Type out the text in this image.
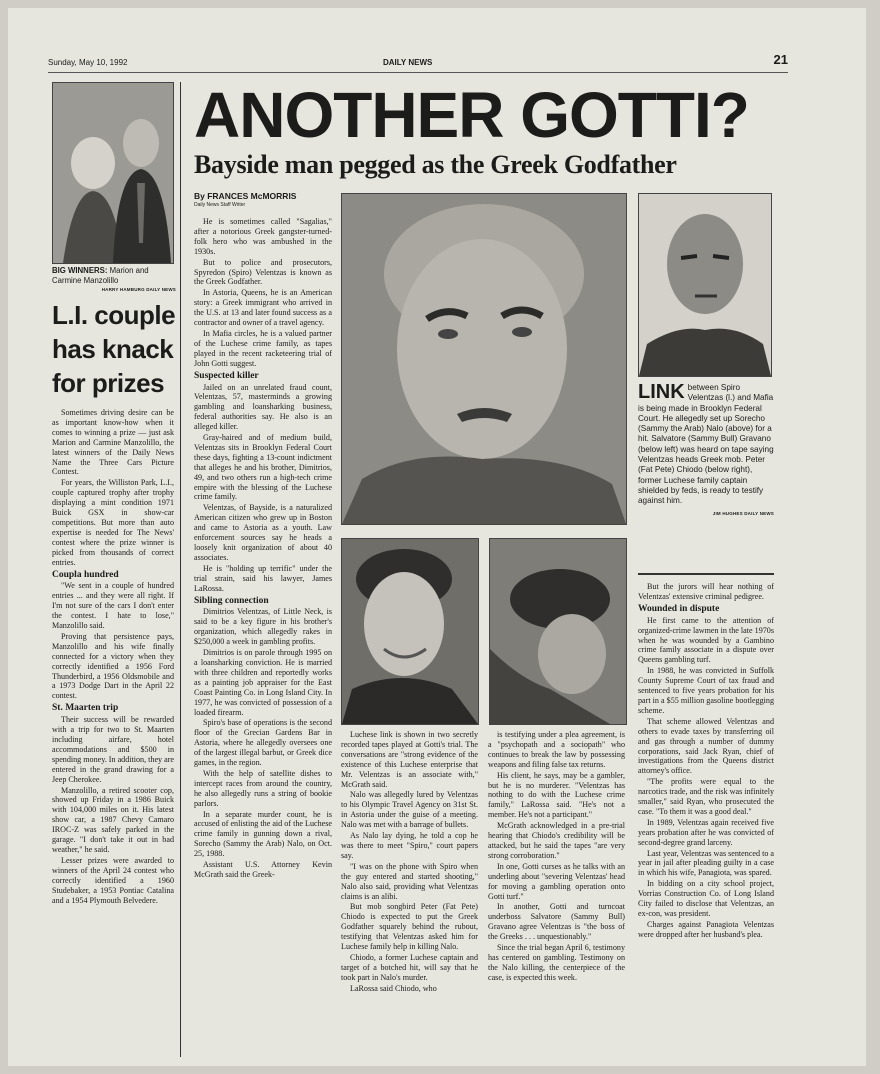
Sunday, May 10, 1992	DAILY NEWS	21
BIG WINNERS: Marion and Carmine Manzolillo

HARRY HAMBURG DAILY NEWS
L.I. couple has knack for prizes

Sometimes driving desire can be as important know-how when it comes to winning a prize — just ask Marion and Carmine Manzolillo, the latest winners of the Daily News Name the Three Cars Picture Contest.

For years, the Williston Park, L.I., couple captured trophy after trophy displaying a mint condition 1971 Buick GSX in show-car competitions. But more than auto expertise is needed for The News' contest where the prize winner is picked from thousands of correct entries.

Coupla hundred

"We sent in a couple of hundred entries ... and they were all right. If I'm not sure of the cars I don't enter the contest. I hate to lose," Manzolillo said.

Proving that persistence pays, Manzolillo and his wife finally connected for a victory when they correctly identified a 1956 Ford Thunderbird, a 1956 Oldsmobile and a 1973 Dodge Dart in the April 22 contest.

St. Maarten trip

Their success will be rewarded with a trip for two to St. Maarten including airfare, hotel accommodations and $500 in spending money. In addition, they are entered in the grand drawing for a Jeep Cherokee.

Manzolillo, a retired scooter cop, showed up Friday in a 1986 Buick with 104,000 miles on it. His latest show car, a 1987 Chevy Camaro IROC-Z was safely parked in the garage. "I don't take it out in bad weather," he said.

Lesser prizes were awarded to winners of the April 24 contest who correctly identified a 1960 Studebaker, a 1953 Pontiac Catalina and a 1954 Plymouth Belvedere.

ANOTHER GOTTI?
Bayside man pegged as the Greek Godfather
By FRANCES McMORRIS
Daily News Staff Writer

He is sometimes called "Sagalias," after a notorious Greek gangster-turned-folk hero who was ambushed in the 1930s.

But to police and prosecutors, Spyredon (Spiro) Velentzas is known as the Greek Godfather.

In Astoria, Queens, he is an American story: a Greek immigrant who arrived in the U.S. at 13 and later found success as a contractor and owner of a travel agency.

In Mafia circles, he is a valued partner of the Luchese crime family, as tapes played in the recent racketeering trial of John Gotti suggest.

Suspected killer

Jailed on an unrelated fraud count, Velentzas, 57, masterminds a growing gambling and loansharking business, federal authorities say. He also is an alleged killer.

Gray-haired and of medium build, Velentzas sits in Brooklyn Federal Court these days, fighting a 13-count indictment that alleges he and his brother, Dimitrios, 49, and two others run a high-tech crime empire with the blessing of the Luchese crime family.

Velentzas, of Bayside, is a naturalized American citizen who grew up in Boston and came to Astoria as a youth. Law enforcement sources say he heads a loosely knit organization of about 40 associates.

He is "holding up terrific" under the trial strain, said his lawyer, James LaRossa.

Sibling connection

Dimitrios Velentzas, of Little Neck, is said to be a key figure in his brother's organization, which allegedly rakes in $250,000 a week in gambling profits.

Dimitrios is on parole through 1995 on a loansharking conviction. He is married with three children and reportedly works as a painting job appraiser for the East Coast Painting Co. in Long Island City. In 1977, he was convicted of possession of a loaded firearm.

Spiro's base of operations is the second floor of the Grecian Gardens Bar in Astoria, where he allegedly oversees one of the largest illegal barbut, or Greek dice games, in the region.

With the help of satellite dishes to intercept races from around the country, he also allegedly runs a string of bookie parlors.

In a separate murder count, he is accused of enlisting the aid of the Luchese crime family in gunning down a rival, Sorecho (Sammy the Arab) Nalo, on Oct. 25, 1988.

Assistant U.S. Attorney Kevin McGrath said the Greek-

LINK between Spiro Velentzas (l.) and Mafia is being made in Brooklyn Federal Court. He allegedly set up Sorecho (Sammy the Arab) Nalo (above) for a hit. Salvatore (Sammy Bull) Gravano (below left) was heard on tape saying Velentzas heads Greek mob. Peter (Fat Pete) Chiodo (below right), former Luchese family captain shielded by feds, is ready to testify against him.
JIM HUGHES DAILY NEWS

Luchese link is shown in two secretly recorded tapes played at Gotti's trial. The conversations are "strong evidence of the existence of this Luchese enterprise that Mr. Velentzas is an associate with," McGrath said.

Nalo was allegedly lured by Velentzas to his Olympic Travel Agency on 31st St. in Astoria under the guise of a meeting. Nalo was met with a barrage of bullets.

As Nalo lay dying, he told a cop he was there to meet "Spiro," court papers say.

"I was on the phone with Spiro when the guy entered and started shooting," Nalo also said, providing what Velentzas claims is an alibi.

But mob songbird Peter (Fat Pete) Chiodo is expected to put the Greek Godfather squarely behind the rubout, testifying that Velentzas asked him for Luchese family help in killing Nalo.

Chiodo, a former Luchese captain and target of a botched hit, will say that he took part in Nalo's murder.

LaRossa said Chiodo, who

is testifying under a plea agreement, is a "psychopath and a sociopath" who continues to break the law by possessing weapons and filing false tax returns.

His client, he says, may be a gambler, but he is no murderer. "Velentzas has nothing to do with the Luchese crime family," LaRossa said. "He's not a member. He's not a participant."

McGrath acknowledged in a pre-trial hearing that Chiodo's credibility will be attacked, but he said the tapes "are very strong corroboration."

In one, Gotti curses as he talks with an underling about "severing Velentzas' head for moving a gambling operation onto Gotti turf."

In another, Gotti and turncoat underboss Salvatore (Sammy Bull) Gravano agree Velentzas is "the boss of the Greeks . . . unquestionably."

Since the trial began April 6, testimony has centered on gambling. Testimony on the Nalo killing, the centerpiece of the case, is expected this week.

But the jurors will hear nothing of Velentzas' extensive criminal pedigree.

Wounded in dispute

He first came to the attention of organized-crime lawmen in the late 1970s when he was wounded by a Gambino crime family associate in a dispute over Queens gambling turf.

In 1988, he was convicted in Suffolk County Supreme Court of tax fraud and sentenced to five years probation for his part in a $55 million gasoline bootlegging scheme.

That scheme allowed Velentzas and others to evade taxes by transferring oil and gas through a number of dummy corporations, said Jack Ryan, chief of investigations from the Queens district attorney's office.

"The profits were equal to the narcotics trade, and the risk was infinitely smaller," said Ryan, who prosecuted the case. "To them it was a good deal."

In 1989, Velentzas again received five years probation after he was convicted of second-degree grand larceny.

Last year, Velentzas was sentenced to a year in jail after pleading guilty in a case in which his wife, Panagiota, was spared.

In bidding on a city school project, Vorrias Construction Co. of Long Island City failed to disclose that Velentzas, an ex-con, was president.

Charges against Panagiota Velentzas were dropped after her husband's plea.
